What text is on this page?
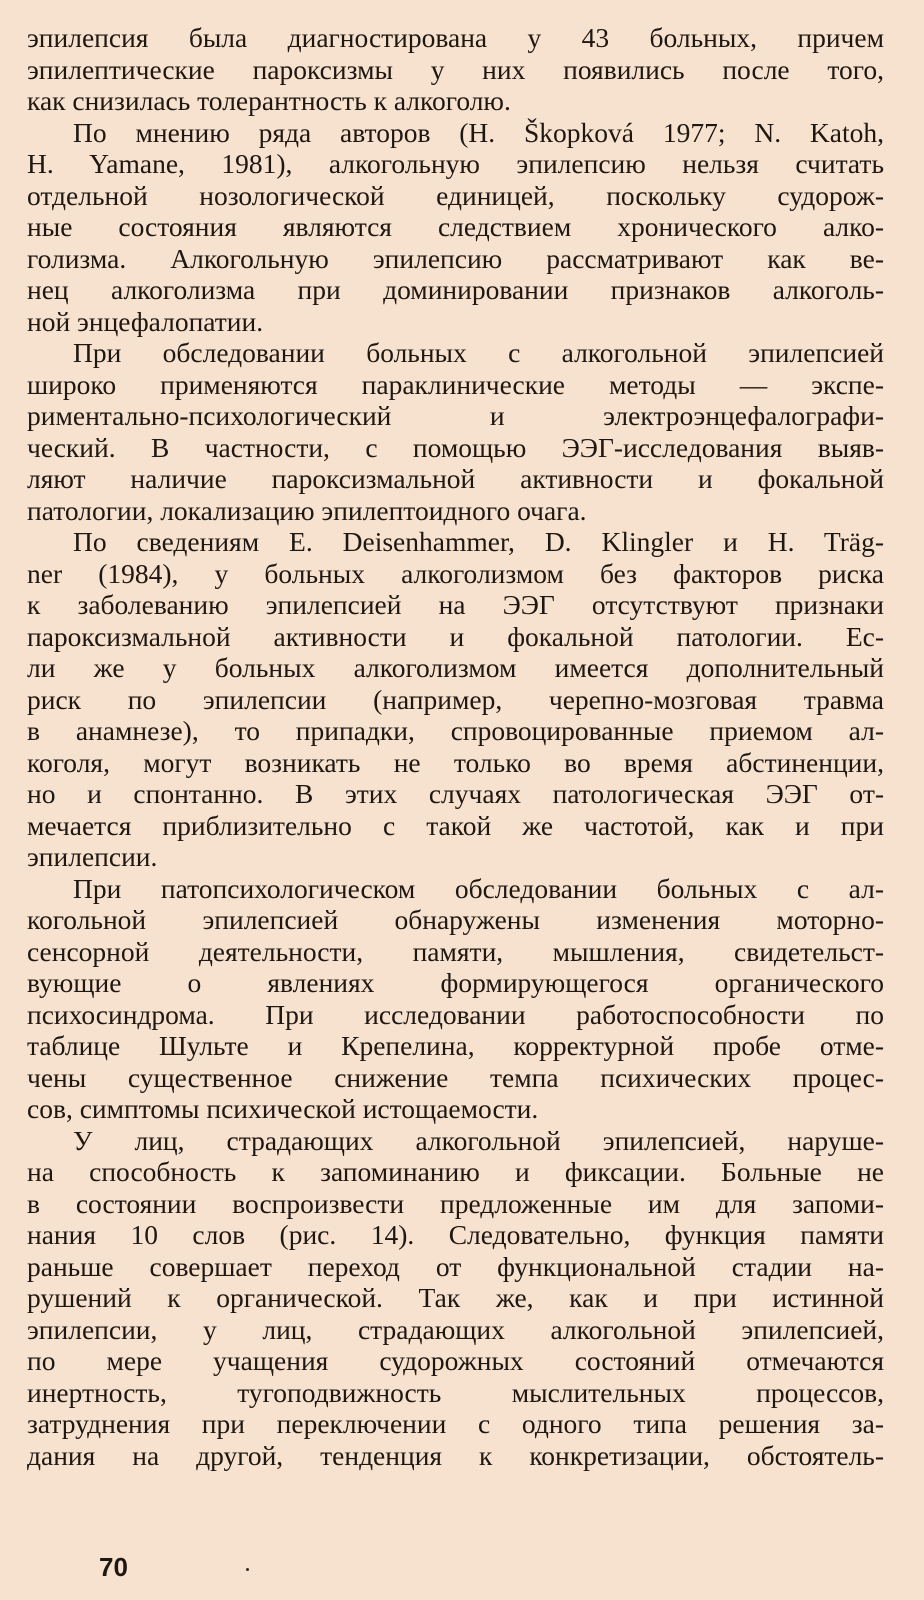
эпилепсия была диагностирована у 43 больных, причем
эпилептические пароксизмы у них появились после того,
как снизилась толерантность к алкоголю.
По мнению ряда авторов (H. Škopková 1977; N. Katoh,
H. Yamane, 1981), алкогольную эпилепсию нельзя считать
отдельной нозологической единицей, поскольку судорож-
ные состояния являются следствием хронического алко-
голизма. Алкогольную эпилепсию рассматривают как ве-
нец алкоголизма при доминировании признаков алкоголь-
ной энцефалопатии.
При обследовании больных с алкогольной эпилепсией
широко применяются параклинические методы — экспе-
риментально-психологический и электроэнцефалографи-
ческий. В частности, с помощью ЭЭГ-исследования выяв-
ляют наличие пароксизмальной активности и фокальной
патологии, локализацию эпилептоидного очага.
По сведениям E. Deisenhammer, D. Klingler и H. Träg-
ner (1984), у больных алкоголизмом без факторов риска
к заболеванию эпилепсией на ЭЭГ отсутствуют признаки
пароксизмальной активности и фокальной патологии. Ес-
ли же у больных алкоголизмом имеется дополнительный
риск по эпилепсии (например, черепно-мозговая травма
в анамнезе), то припадки, спровоцированные приемом ал-
коголя, могут возникать не только во время абстиненции,
но и спонтанно. В этих случаях патологическая ЭЭГ от-
мечается приблизительно с такой же частотой, как и при
эпилепсии.
При патопсихологическом обследовании больных с ал-
когольной эпилепсией обнаружены изменения моторно-
сенсорной деятельности, памяти, мышления, свидетельст-
вующие о явлениях формирующегося органического
психосиндрома. При исследовании работоспособности по
таблице Шульте и Крепелина, корректурной пробе отме-
чены существенное снижение темпа психических процес-
сов, симптомы психической истощаемости.
У лиц, страдающих алкогольной эпилепсией, наруше-
на способность к запоминанию и фиксации. Больные не
в состоянии воспроизвести предложенные им для запоми-
нания 10 слов (рис. 14). Следовательно, функция памяти
раньше совершает переход от функциональной стадии на-
рушений к органической. Так же, как и при истинной
эпилепсии, у лиц, страдающих алкогольной эпилепсией,
по мере учащения судорожных состояний отмечаются
инертность, тугоподвижность мыслительных процессов,
затруднения при переключении с одного типа решения за-
дания на другой, тенденция к конкретизации, обстоятель-
70
